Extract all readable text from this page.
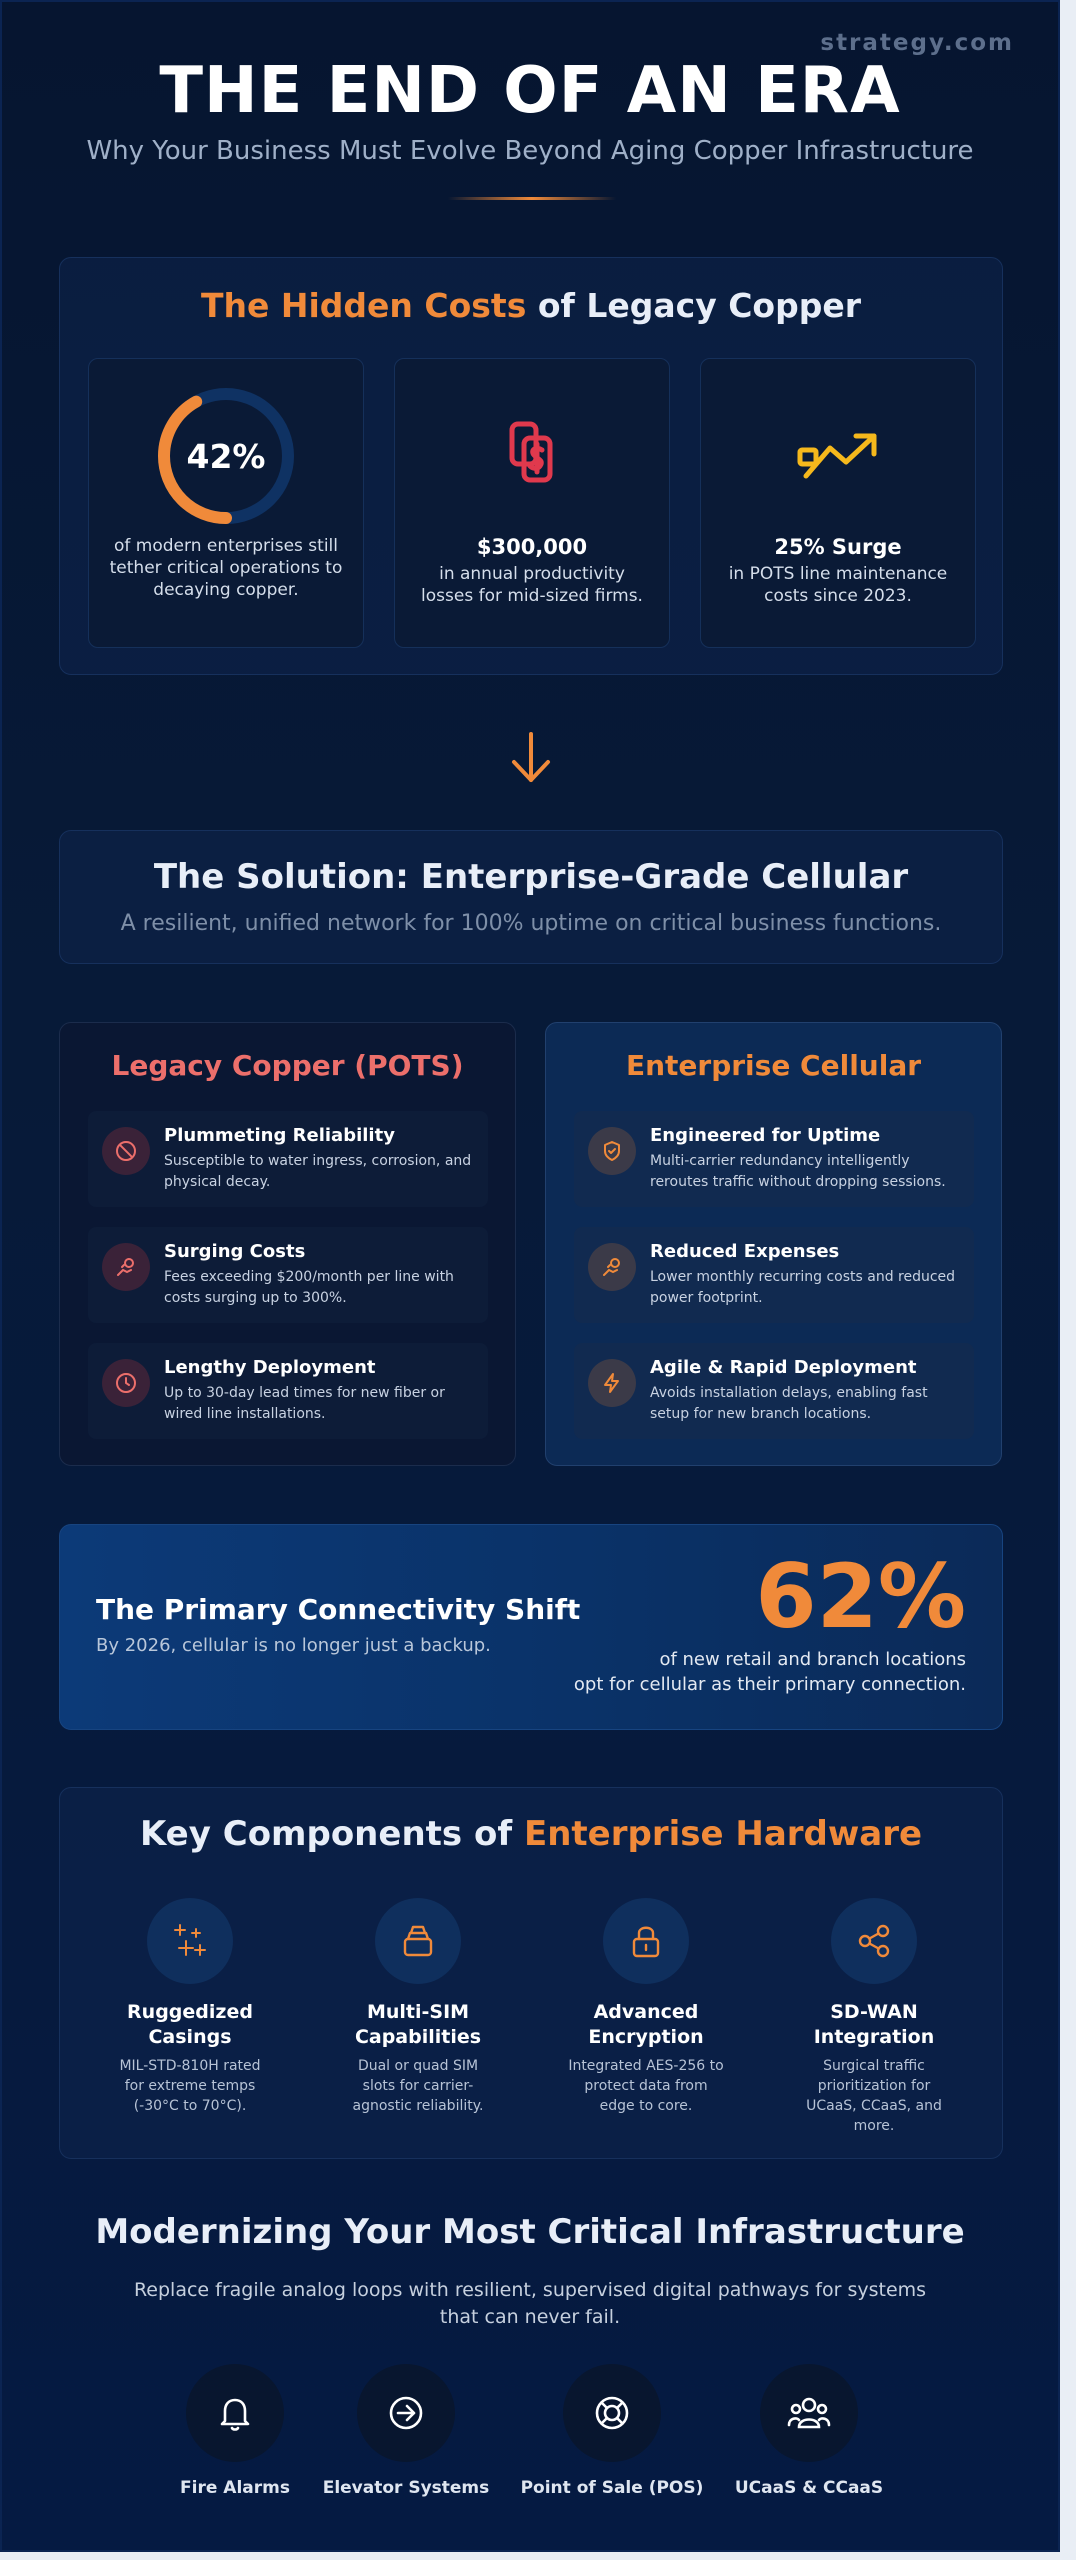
strategy.com
THE END OF AN ERA
Why Your Business Must Evolve Beyond Aging Copper Infrastructure
The Hidden Costs of Legacy Copper
42%
of modern enterprises still tether critical operations to decaying copper.
$300,000
in annual productivity losses for mid-sized firms.
25% Surge
in POTS line maintenance costs since 2023.
The Solution: Enterprise-Grade Cellular
A resilient, unified network for 100% uptime on critical business functions.
Legacy Copper (POTS)
Plummeting Reliability
Susceptible to water ingress, corrosion, and physical decay.
Surging Costs
Fees exceeding $200/month per line with costs surging up to 300%.
Lengthy Deployment
Up to 30-day lead times for new fiber or wired line installations.
Enterprise Cellular
Engineered for Uptime
Multi-carrier redundancy intelligently reroutes traffic without dropping sessions.
Reduced Expenses
Lower monthly recurring costs and reduced power footprint.
Agile & Rapid Deployment
Avoids installation delays, enabling fast setup for new branch locations.
The Primary Connectivity Shift
By 2026, cellular is no longer just a backup.	62%
of new retail and branch locations
opt for cellular as their primary connection.
Key Components of Enterprise Hardware
Ruggedized Casings
MIL-STD-810H rated for extreme temps (-30°C to 70°C).
Multi-SIM Capabilities
Dual or quad SIM slots for carrier-agnostic reliability.
Advanced Encryption
Integrated AES-256 to protect data from edge to core.
SD-WAN Integration
Surgical traffic prioritization for UCaaS, CCaaS, and more.
Modernizing Your Most Critical Infrastructure
Replace fragile analog loops with resilient, supervised digital pathways for systems that can never fail.
Fire Alarms	Elevator Systems	Point of Sale (POS)	UCaaS & CCaaS
